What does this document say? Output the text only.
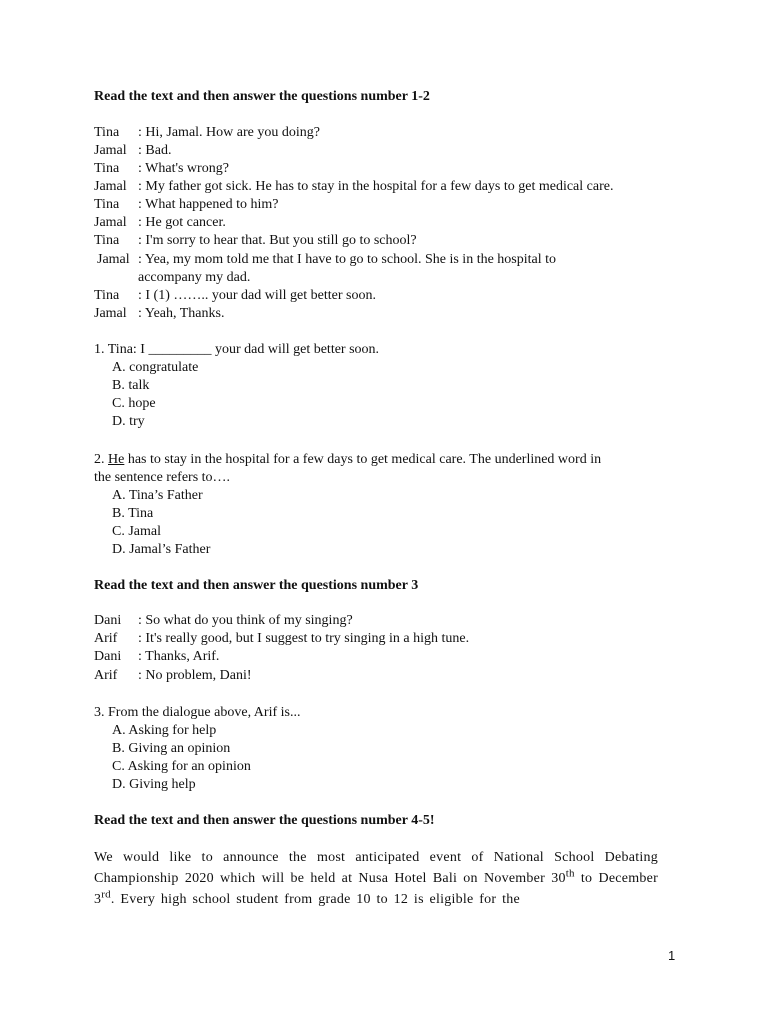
Read the text and then answer the questions number 1-2
Tina : Hi, Jamal. How are you doing?
Jamal : Bad.
Tina : What's wrong?
Jamal : My father got sick. He has to stay in the hospital for a few days to get medical care.
Tina : What happened to him?
Jamal : He got cancer.
Tina : I'm sorry to hear that. But you still go to school?
Jamal : Yea, my mom told me that I have to go to school. She is in the hospital to
accompany my dad.
Tina : I (1) …….. your dad will get better soon.
Jamal : Yeah, Thanks.
1. Tina: I _________ your dad will get better soon.
A. congratulate
B. talk
C. hope
D. try
2. He has to stay in the hospital for a few days to get medical care. The underlined word in
the sentence refers to….
A. Tina’s Father
B. Tina
C. Jamal
D. Jamal’s Father
Read the text and then answer the questions number 3
Dani : So what do you think of my singing?
Arif : It's really good, but I suggest to try singing in a high tune.
Dani : Thanks, Arif.
Arif : No problem, Dani!
3. From the dialogue above, Arif is...
A. Asking for help
B. Giving an opinion
C. Asking for an opinion
D. Giving help
Read the text and then answer the questions number 4-5!
We would like to announce the most anticipated event of National School Debating Championship 2020 which will be held at Nusa Hotel Bali on November 30th to December 3rd. Every high school student from grade 10 to 12 is eligible for the
1
